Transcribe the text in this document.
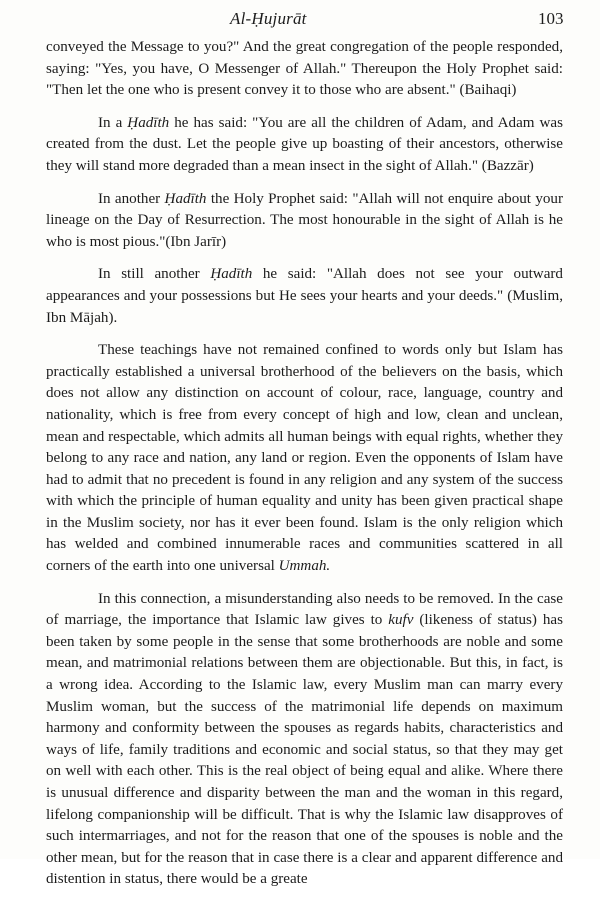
Al-Ḥujurāt	103

conveyed the Message to you?" And the great congregation of the people responded, saying: "Yes, you have, O Messenger of Allah." Thereupon the Holy Prophet said: "Then let the one who is present convey it to those who are absent." (Baihaqi)

In a Ḥadīth he has said: "You are all the children of Adam, and Adam was created from the dust. Let the people give up boasting of their ancestors, otherwise they will stand more degraded than a mean insect in the sight of Allah." (Bazzār)

In another Ḥadīth the Holy Prophet said: "Allah will not enquire about your lineage on the Day of Resurrection. The most honourable in the sight of Allah is he who is most pious."(Ibn Jarīr)

In still another Ḥadīth he said: "Allah does not see your outward appearances and your possessions but He sees your hearts and your deeds." (Muslim, Ibn Mājah).

These teachings have not remained confined to words only but Islam has practically established a universal brotherhood of the believers on the basis, which does not allow any distinction on account of colour, race, language, country and nationality, which is free from every concept of high and low, clean and unclean, mean and respectable, which admits all human beings with equal rights, whether they belong to any race and nation, any land or region. Even the opponents of Islam have had to admit that no precedent is found in any religion and any system of the success with which the principle of human equality and unity has been given practical shape in the Muslim society, nor has it ever been found. Islam is the only religion which has welded and combined innumerable races and communities scattered in all corners of the earth into one universal Ummah.

In this connection, a misunderstanding also needs to be removed. In the case of marriage, the importance that Islamic law gives to kufv (likeness of status) has been taken by some people in the sense that some brotherhoods are noble and some mean, and matrimonial relations between them are objectionable. But this, in fact, is a wrong idea. According to the Islamic law, every Muslim man can marry every Muslim woman, but the success of the matrimonial life depends on maximum harmony and conformity between the spouses as regards habits, characteristics and ways of life, family traditions and economic and social status, so that they may get on well with each other. This is the real object of being equal and alike. Where there is unusual difference and disparity between the man and the woman in this regard, lifelong companionship will be difficult. That is why the Islamic law disapproves of such intermarriages, and not for the reason that one of the spouses is noble and the other mean, but for the reason that in case there is a clear and apparent difference and distention in status, there would be a greate
